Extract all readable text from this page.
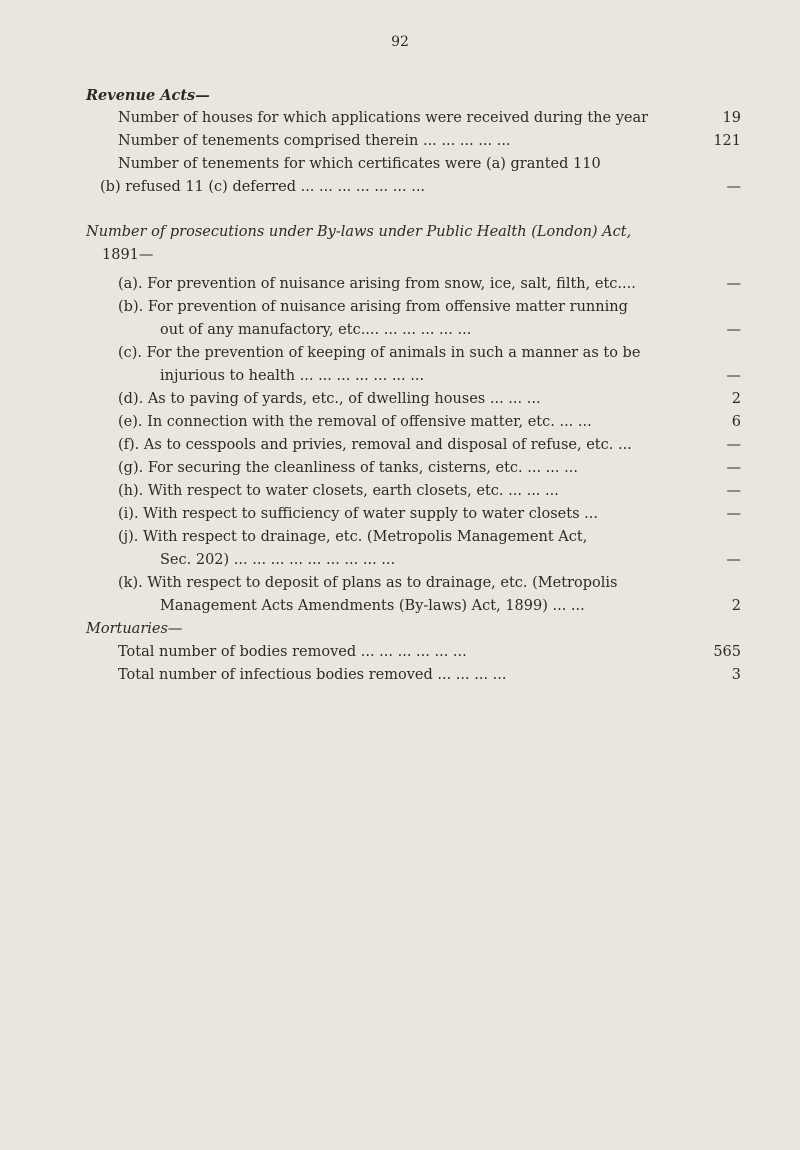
92
Revenue Acts—
Number of houses for which applications were received during the year	19
Number of tenements comprised therein ... ... ... ... ...	121
Number of tenements for which certificates were (a) granted 110
(b) refused 11 (c) deferred ... ... ... ... ... ... ...	—
Number of prosecutions under By-laws under Public Health (London) Act,
1891—
(a). For prevention of nuisance arising from snow, ice, salt, filth, etc....	—
(b). For prevention of nuisance arising from offensive matter running
out of any manufactory, etc.... ... ... ... ... ...	—
(c). For the prevention of keeping of animals in such a manner as to be
injurious to health ... ... ... ... ... ... ...	—
(d). As to paving of yards, etc., of dwelling houses ... ... ...	2
(e). In connection with the removal of offensive matter, etc. ... ...	6
(f). As to cesspools and privies, removal and disposal of refuse, etc. ...	—
(g). For securing the cleanliness of tanks, cisterns, etc. ... ... ...	—
(h). With respect to water closets, earth closets, etc. ... ... ...	—
(i). With respect to sufficiency of water supply to water closets ...	—
(j). With respect to drainage, etc. (Metropolis Management Act,
Sec. 202) ... ... ... ... ... ... ... ... ...	—
(k). With respect to deposit of plans as to drainage, etc. (Metropolis
Management Acts Amendments (By-laws) Act, 1899) ... ...	2
Mortuaries—
Total number of bodies removed ... ... ... ... ... ...	565
Total number of infectious bodies removed ... ... ... ...	3
